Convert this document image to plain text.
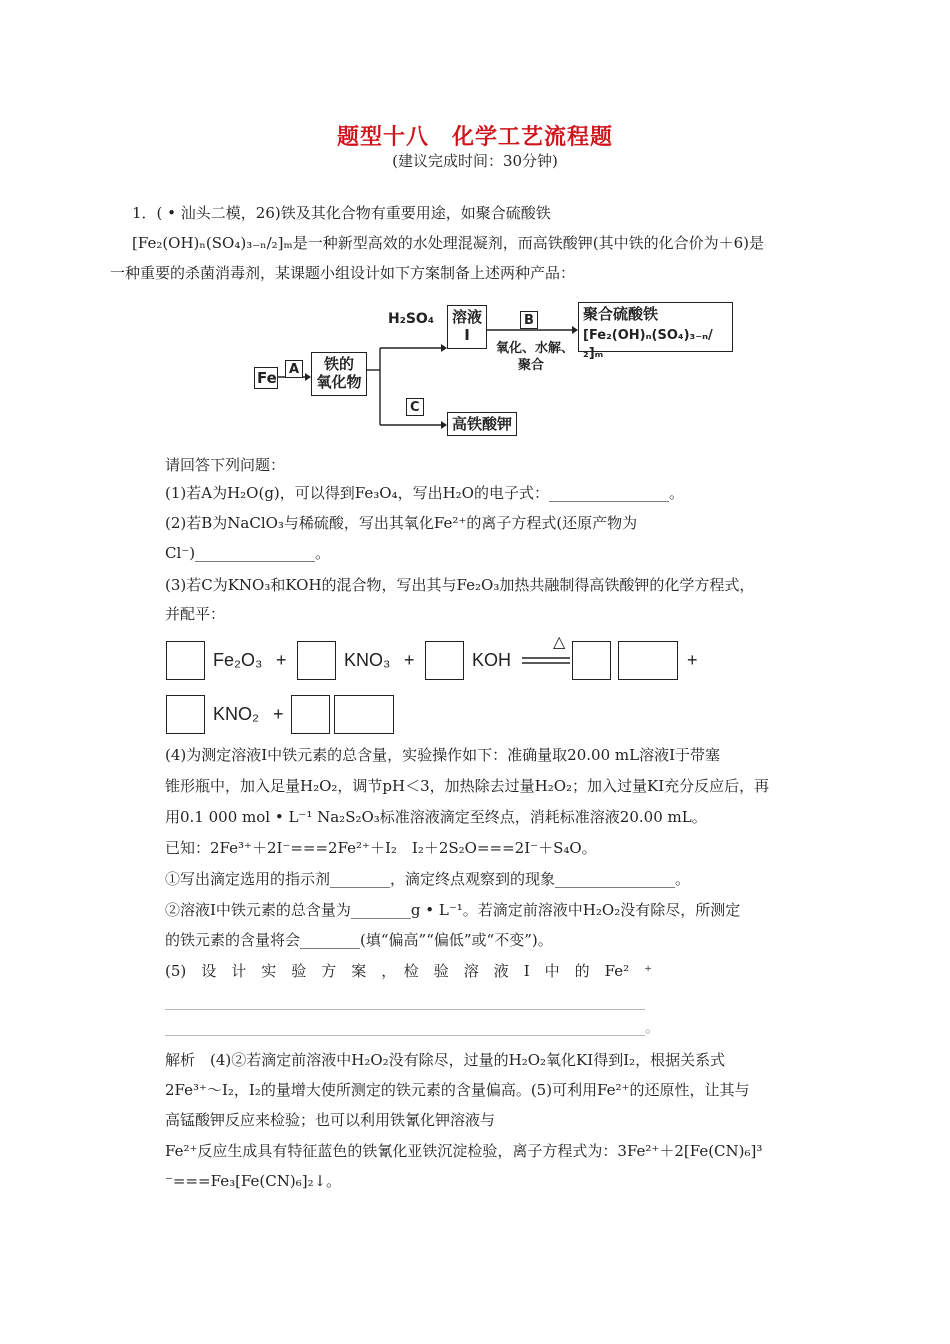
题型十八　化学工艺流程题
(建议完成时间：30分钟)
1．( • 汕头二模，26)铁及其化合物有重要用途，如聚合硫酸铁
[Fe₂(OH)ₙ(SO₄)₃₋ₙ/₂]ₘ是一种新型高效的水处理混凝剂，而高铁酸钾(其中铁的化合价为＋6)是
一种重要的杀菌消毒剂，某课题小组设计如下方案制备上述两种产品：
Fe A	铁的
氧化物
H₂SO₄ 溶液
Ⅰ
B
氧化、水解、
聚合
聚合硫酸铁
[Fe₂(OH)ₙ(SO₄)₃₋ₙ/₂]ₘ
C
高铁酸钾
请回答下列问题：
(1)若A为H₂O(g)，可以得到Fe₃O₄，写出H₂O的电子式：________________。
(2)若B为NaClO₃与稀硫酸，写出其氧化Fe²⁺的离子方程式(还原产物为
Cl⁻)________________。
(3)若C为KNO₃和KOH的混合物，写出其与Fe₂O₃加热共融制得高铁酸钾的化学方程式，
并配平：
Fe₂O₃ +	KNO₃ +	KOH
△
+
KNO₂ +
(4)为测定溶液Ⅰ中铁元素的总含量，实验操作如下：准确量取20.00 mL溶液Ⅰ于带塞
锥形瓶中，加入足量H₂O₂，调节pH＜3，加热除去过量H₂O₂；加入过量KI充分反应后，再
用0.1 000 mol • L⁻¹ Na₂S₂O₃标准溶液滴定至终点，消耗标准溶液20.00 mL。
已知：2Fe³⁺＋2I⁻===2Fe²⁺＋I₂　I₂＋2S₂O===2I⁻＋S₄O。
①写出滴定选用的指示剂________，滴定终点观察到的现象________________。
②溶液Ⅰ中铁元素的总含量为________g • L⁻¹。若滴定前溶液中H₂O₂没有除尽，所测定
的铁元素的含量将会________(填“偏高”“偏低”或“不变”)。
(5)　设　计　实　验　方　案　，　检　验　溶　液　Ⅰ　中　的　Fe²　⁺
________________________________________________________________
________________________________________________________________。
解析　(4)②若滴定前溶液中H₂O₂没有除尽，过量的H₂O₂氧化KI得到I₂，根据关系式
2Fe³⁺～I₂，I₂的量增大使所测定的铁元素的含量偏高。(5)可利用Fe²⁺的还原性，让其与
高锰酸钾反应来检验；也可以利用铁氰化钾溶液与
Fe²⁺反应生成具有特征蓝色的铁氰化亚铁沉淀检验，离子方程式为：3Fe²⁺＋2[Fe(CN)₆]³
⁻===Fe₃[Fe(CN)₆]₂↓。
